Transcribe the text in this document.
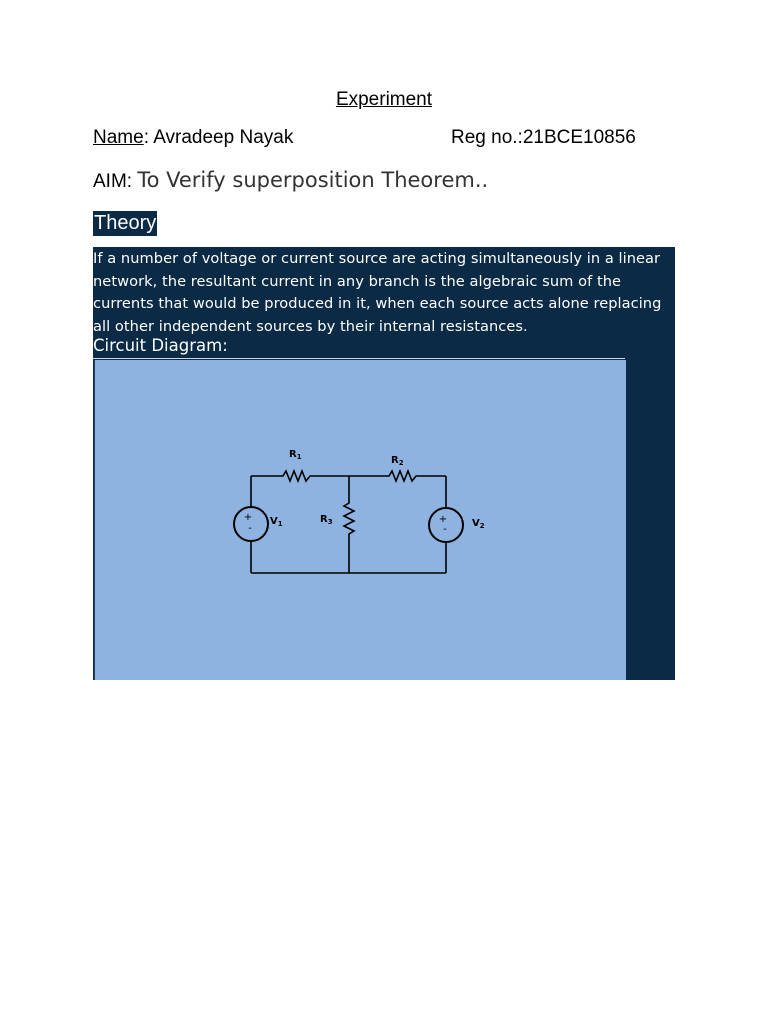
Experiment
Name: Avradeep Nayak	Reg no.:21BCE10856
AIM: To Verify superposition Theorem..
Theory
If a number of voltage or current source are acting simultaneously in a linear network, the resultant current in any branch is the algebraic sum of the currents that would be produced in it, when each source acts alone replacing all other independent sources by their internal resistances.
Circuit Diagram:
+
-
+
-
$R_1$	$R_2$
$R_3$
$V_1$	$V_2$
